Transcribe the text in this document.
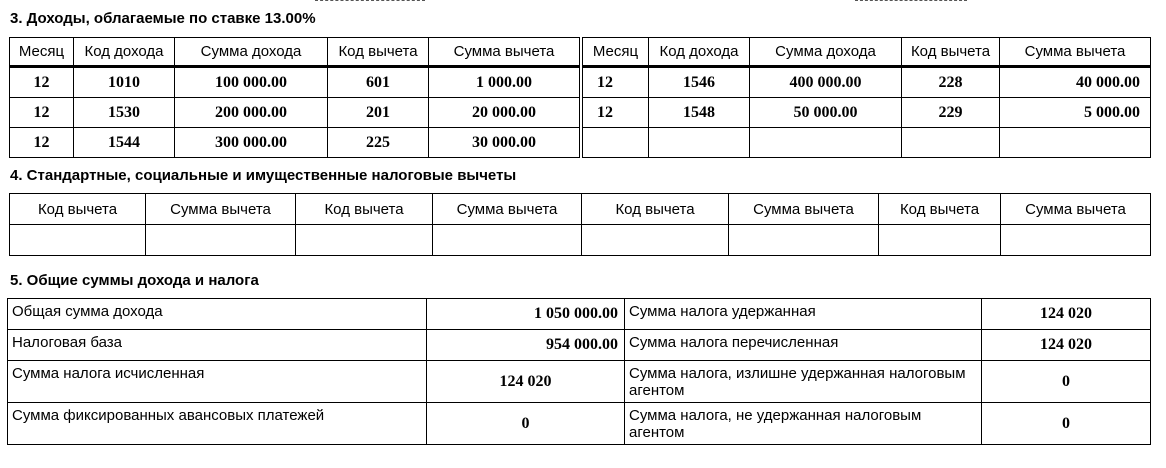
3. Доходы, облагаемые по ставке 13.00%
Месяц	Код дохода	Сумма дохода	Код вычета	Сумма вычета
12	1010	100 000.00	601	1 000.00
12	1530	200 000.00	201	20 000.00
12	1544	300 000.00	225	30 000.00
Месяц	Код дохода	Сумма дохода	Код вычета	Сумма вычета
12	1546	400 000.00	228	40 000.00
12	1548	50 000.00	229	5 000.00

4. Стандартные, социальные и имущественные налоговые вычеты
Код вычета	Сумма вычета	Код вычета	Сумма вычета	Код вычета	Сумма вычета	Код вычета	Сумма вычета

5. Общие суммы дохода и налога
Общая сумма дохода	1 050 000.00	Сумма налога удержанная	124 020
Налоговая база	954 000.00	Сумма налога перечисленная	124 020
Сумма налога исчисленная	124 020	Сумма налога, излишне удержанная налоговым агентом	0
Сумма фиксированных авансовых платежей	0	Сумма налога, не удержанная налоговым агентом	0
